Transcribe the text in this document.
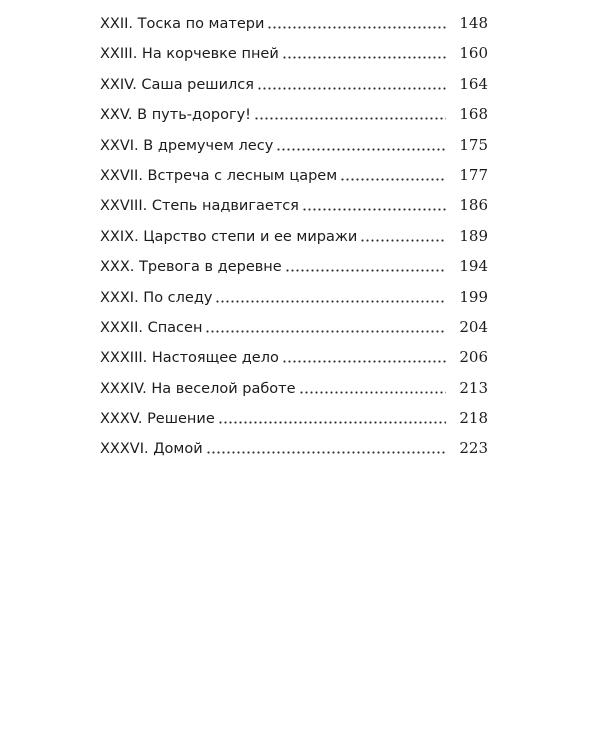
XXII. Тоска по матери	148
XXIII. На корчевке пней	160
XXIV. Саша решился	164
XXV. В путь-дорогу!	168
XXVI. В дремучем лесу	175
XXVII. Встреча с лесным царем	177
XXVIII. Степь надвигается	186
XXIX. Царство степи и ее миражи	189
XXX. Тревога в деревне	194
XXXI. По следу	199
XXXII. Спасен	204
XXXIII. Настоящее дело	206
XXXIV. На веселой работе	213
XXXV. Решение	218
XXXVI. Домой	223
